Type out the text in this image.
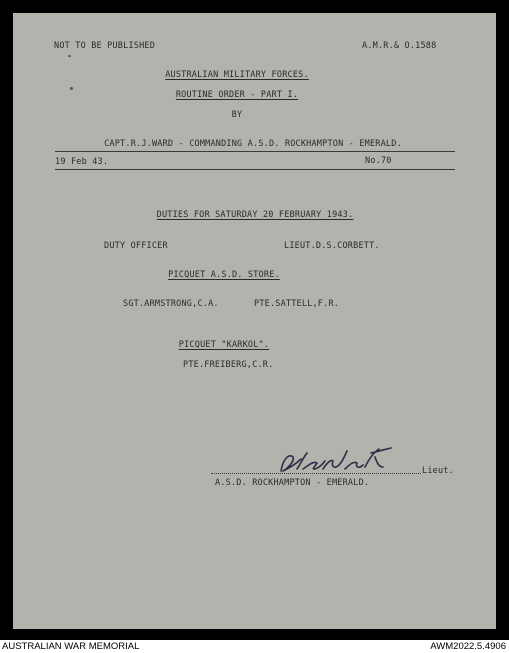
NOT TO BE PUBLISHED	A.M.R.& O.1588
AUSTRALIAN MILITARY FORCES.
ROUTINE ORDER - PART I.
BY
CAPT.R.J.WARD - COMMANDING A.S.D. ROCKHAMPTON - EMERALD.
19 Feb 43.	No.70
DUTIES FOR SATURDAY 20 FEBRUARY 1943.
DUTY OFFICER	LIEUT.D.S.CORBETT.
PICQUET A.S.D. STORE.
SGT.ARMSTRONG,C.A.	PTE.SATTELL,F.R.
PICQUET "KARKOL".
PTE.FREIBERG,C.R.
Lieut.
A.S.D. ROCKHAMPTON - EMERALD.
AUSTRALIAN WAR MEMORIAL	AWM2022.5.4906
